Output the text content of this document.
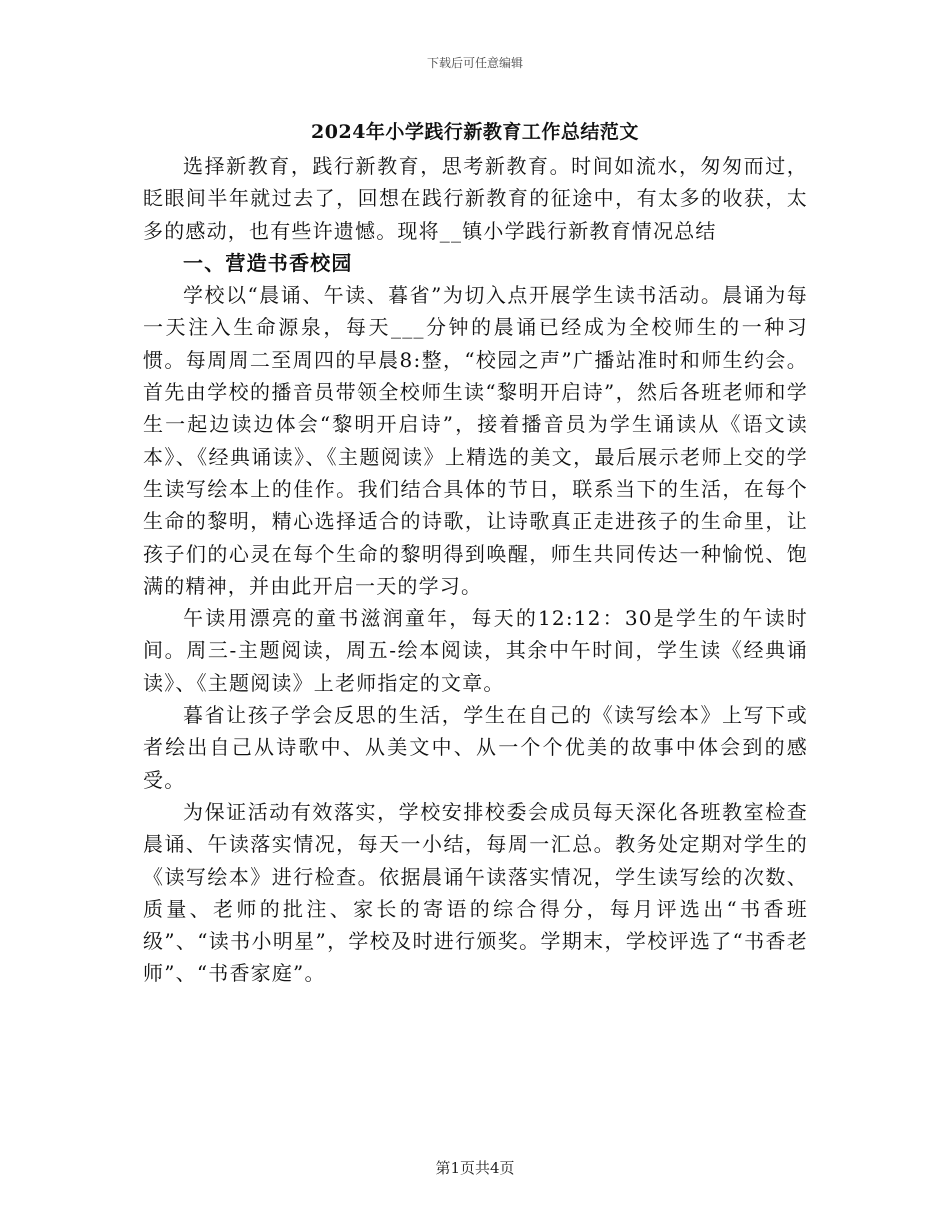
下载后可任意编辑
2024年小学践行新教育工作总结范文

选择新教育，践行新教育，思考新教育。时间如流水，匆匆而过，眨眼间半年就过去了，回想在践行新教育的征途中，有太多的收获，太多的感动，也有些许遗憾。现将__镇小学践行新教育情况总结

一、营造书香校园

学校以“晨诵、午读、暮省”为切入点开展学生读书活动。晨诵为每一天注入生命源泉，每天___分钟的晨诵已经成为全校师生的一种习惯。每周周二至周四的早晨8:整，“校园之声”广播站准时和师生约会。首先由学校的播音员带领全校师生读“黎明开启诗”，然后各班老师和学生一起边读边体会“黎明开启诗”，接着播音员为学生诵读从《语文读本》、《经典诵读》、《主题阅读》上精选的美文，最后展示老师上交的学生读写绘本上的佳作。我们结合具体的节日，联系当下的生活，在每个生命的黎明，精心选择适合的诗歌，让诗歌真正走进孩子的生命里，让孩子们的心灵在每个生命的黎明得到唤醒，师生共同传达一种愉悦、饱满的精神，并由此开启一天的学习。

午读用漂亮的童书滋润童年，每天的12:12：30是学生的午读时间。周三-主题阅读，周五-绘本阅读，其余中午时间，学生读《经典诵读》、《主题阅读》上老师指定的文章。

暮省让孩子学会反思的生活，学生在自己的《读写绘本》上写下或者绘出自己从诗歌中、从美文中、从一个个优美的故事中体会到的感受。

为保证活动有效落实，学校安排校委会成员每天深化各班教室检查晨诵、午读落实情况，每天一小结，每周一汇总。教务处定期对学生的《读写绘本》进行检查。依据晨诵午读落实情况，学生读写绘的次数、质量、老师的批注、家长的寄语的综合得分，每月评选出“书香班级”、“读书小明星”，学校及时进行颁奖。学期末，学校评选了“书香老师”、“书香家庭”。

第1页共4页
